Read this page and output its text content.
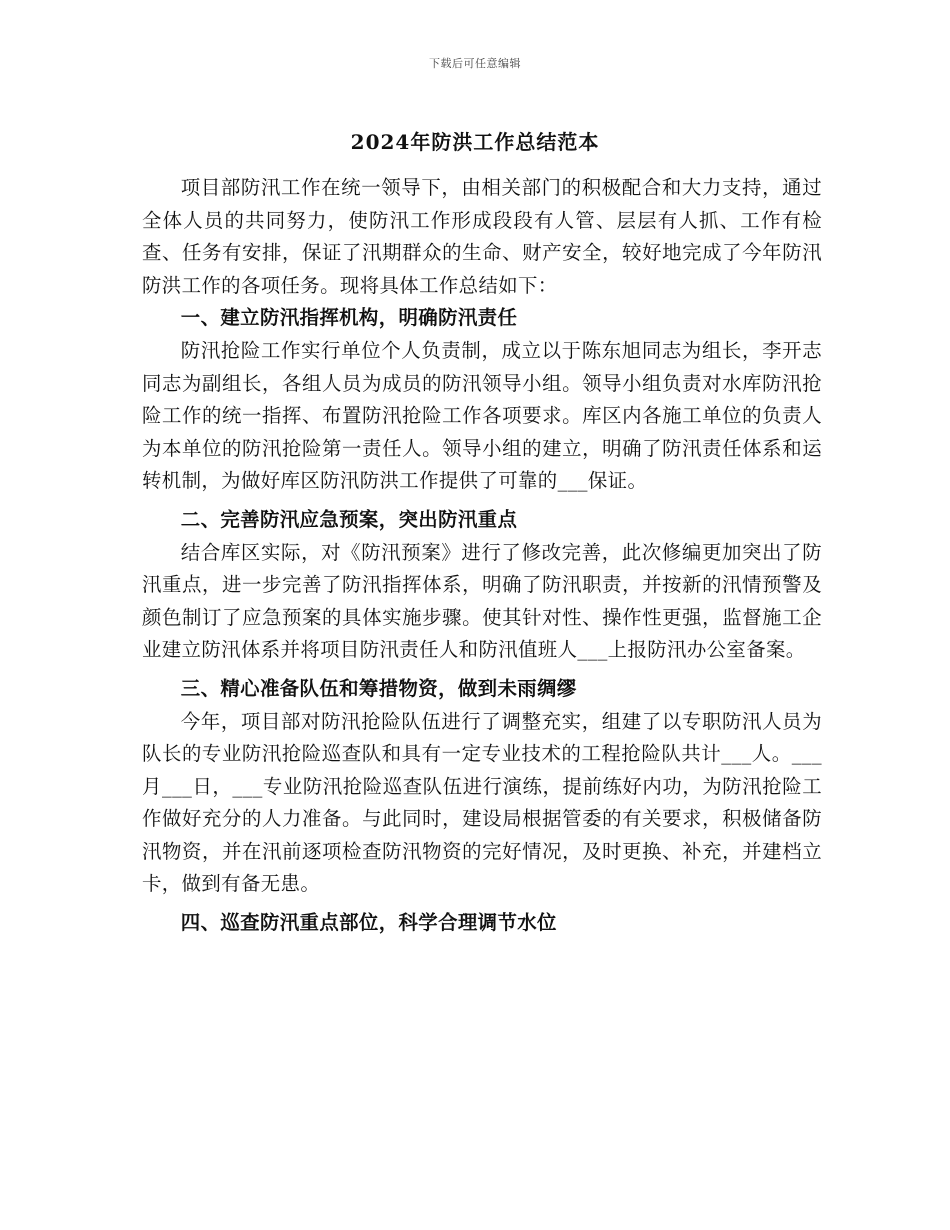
下载后可任意编辑
2024年防洪工作总结范本

项目部防汛工作在统一领导下，由相关部门的积极配合和大力支持，通过全体人员的共同努力，使防汛工作形成段段有人管、层层有人抓、工作有检查、任务有安排，保证了汛期群众的生命、财产安全，较好地完成了今年防汛防洪工作的各项任务。现将具体工作总结如下：

一、建立防汛指挥机构，明确防汛责任

防汛抢险工作实行单位个人负责制，成立以于陈东旭同志为组长，李开志同志为副组长，各组人员为成员的防汛领导小组。领导小组负责对水库防汛抢险工作的统一指挥、布置防汛抢险工作各项要求。库区内各施工单位的负责人为本单位的防汛抢险第一责任人。领导小组的建立，明确了防汛责任体系和运转机制，为做好库区防汛防洪工作提供了可靠的___保证。

二、完善防汛应急预案，突出防汛重点

结合库区实际，对《防汛预案》进行了修改完善，此次修编更加突出了防汛重点，进一步完善了防汛指挥体系，明确了防汛职责，并按新的汛情预警及颜色制订了应急预案的具体实施步骤。使其针对性、操作性更强，监督施工企业建立防汛体系并将项目防汛责任人和防汛值班人___上报防汛办公室备案。

三、精心准备队伍和筹措物资，做到未雨绸缪

今年，项目部对防汛抢险队伍进行了调整充实，组建了以专职防汛人员为队长的专业防汛抢险巡查队和具有一定专业技术的工程抢险队共计___人。___月___日，___专业防汛抢险巡查队伍进行演练，提前练好内功，为防汛抢险工作做好充分的人力准备。与此同时，建设局根据管委的有关要求，积极储备防汛物资，并在汛前逐项检查防汛物资的完好情况，及时更换、补充，并建档立卡，做到有备无患。

四、巡查防汛重点部位，科学合理调节水位
